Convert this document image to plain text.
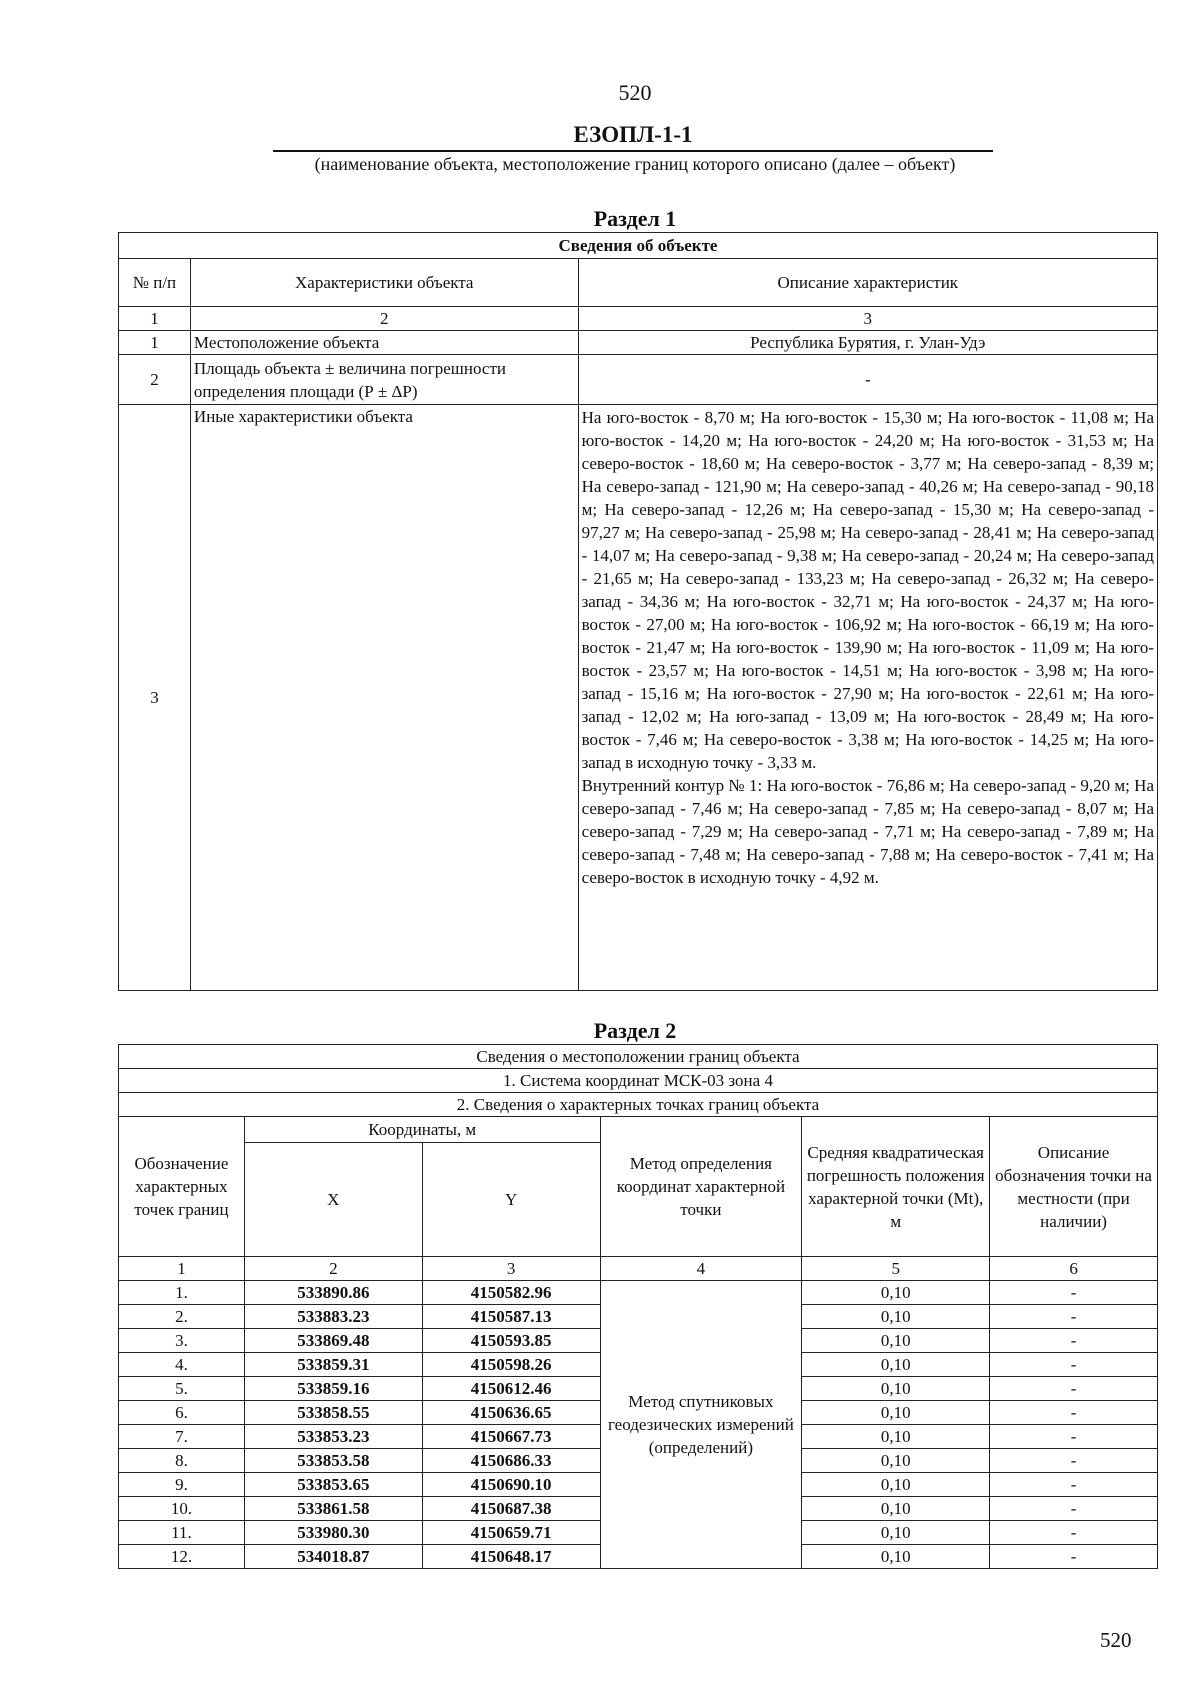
520
ЕЗОПЛ-1-1
(наименование объекта, местоположение границ которого описано (далее – объект)
Раздел 1
Сведения об объекте		
№ п/п	Характеристики объекта	Описание характеристик
1	2	3
1	Местоположение объекта	Республика Бурятия, г. Улан-Удэ
2	Площадь объекта ± величина погрешности определения площади (Р ± ΔР)	-
3	Иные характеристики объекта	На юго-восток - 8,70 м; На юго-восток - 15,30 м; На юго-восток - 11,08 м; На юго-восток - 14,20 м; На юго-восток - 24,20 м; На юго-восток - 31,53 м; На северо-восток - 18,60 м; На северо-восток - 3,77 м; На северо-запад - 8,39 м; На северо-запад - 121,90 м; На северо-запад - 40,26 м; На северо-запад - 90,18 м; На северо-запад - 12,26 м; На северо-запад - 15,30 м; На северо-запад - 97,27 м; На северо-запад - 25,98 м; На северо-запад - 28,41 м; На северо-запад - 14,07 м; На северо-запад - 9,38 м; На северо-запад - 20,24 м; На северо-запад - 21,65 м; На северо-запад - 133,23 м; На северо-запад - 26,32 м; На северо-запад - 34,36 м; На юго-восток - 32,71 м; На юго-восток - 24,37 м; На юго-восток - 27,00 м; На юго-восток - 106,92 м; На юго-восток - 66,19 м; На юго-восток - 21,47 м; На юго-восток - 139,90 м; На юго-восток - 11,09 м; На юго-восток - 23,57 м; На юго-восток - 14,51 м; На юго-восток - 3,98 м; На юго-запад - 15,16 м; На юго-восток - 27,90 м; На юго-восток - 22,61 м; На юго-запад - 12,02 м; На юго-запад - 13,09 м; На юго-восток - 28,49 м; На юго-восток - 7,46 м; На северо-восток - 3,38 м; На юго-восток - 14,25 м; На юго-запад в исходную точку - 3,33 м.
Внутренний контур № 1: На юго-восток - 76,86 м; На северо-запад - 9,20 м; На северо-запад - 7,46 м; На северо-запад - 7,85 м; На северо-запад - 8,07 м; На северо-запад - 7,29 м; На северо-запад - 7,71 м; На северо-запад - 7,89 м; На северо-запад - 7,48 м; На северо-запад - 7,88 м; На северо-восток - 7,41 м; На северо-восток в исходную точку - 4,92 м.
Раздел 2
Сведения о местоположении границ объекта					
1. Система координат МСК-03 зона 4					
2. Сведения о характерных точках границ объекта					
Обозначение характерных точек границ	Координаты, м		Метод определения координат характерной точки	Средняя квадратическая погрешность положения характерной точки (Mt), м	Описание обозначения точки на местности (при наличии)
	X	Y			
1	2	3	4	5	6
1.	533890.86	4150582.96	Метод спутниковых геодезических измерений (определений)	0,10	-
2.	533883.23	4150587.13		0,10	-
3.	533869.48	4150593.85		0,10	-
4.	533859.31	4150598.26		0,10	-
5.	533859.16	4150612.46		0,10	-
6.	533858.55	4150636.65		0,10	-
7.	533853.23	4150667.73		0,10	-
8.	533853.58	4150686.33		0,10	-
9.	533853.65	4150690.10		0,10	-
10.	533861.58	4150687.38		0,10	-
11.	533980.30	4150659.71		0,10	-
12.	534018.87	4150648.17		0,10	-
520
